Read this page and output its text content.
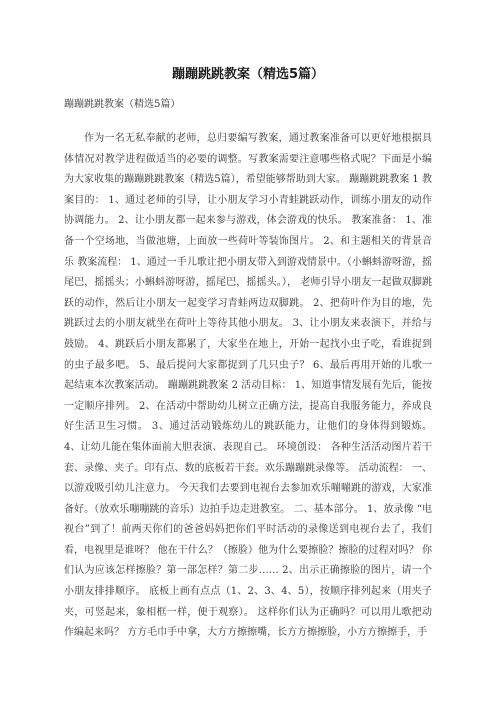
蹦蹦跳跳教案（精选5篇）

蹦蹦跳跳教案（精选5篇）

作为一名无私奉献的老师，总归要编写教案，通过教案准备可以更好地根据具体情况对教学进程做适当的必要的调整。写教案需要注意哪些格式呢？下面是小编为大家收集的蹦蹦跳跳教案（精选5篇），希望能够帮助到大家。 蹦蹦跳跳教案 1 教案目的： 1、通过老师的引导，让小朋友学习小青蛙跳跃动作，训练小朋友的动作协调能力。 2、让小朋友都一起来参与游戏，体会游戏的快乐。 教案准备： 1、准备一个空场地，当做池塘，上面放一些荷叶等装饰图片。 2、和主题相关的背景音乐 教案流程： 1、通过一手儿歌让把小朋友带入到游戏情景中。（小蝌蚪游呀游，摇尾巴，摇摇头；小蝌蚪游呀游，摇尾巴，摇摇头。）， 老师引导小朋友一起做双脚跳跃的动作，然后让小朋友一起变学习青蛙两边双脚跳。 2、把荷叶作为目的地，先跳跃过去的小朋友就坐在荷叶上等待其他小朋友。 3、让小朋友来表演下，并给与鼓励。 4、跳跃后小朋友都累了，大家坐在地上，开始一起找小虫子吃，看谁捉到的虫子最多吧。 5、最后提问大家都捉到了几只虫子？ 6、最后再用开始的儿歌一起结束本次教案活动。 蹦蹦跳跳教案 2 活动目标： 1、知道事情发展有先后，能按一定顺序排列。 2、在活动中帮助幼儿树立正确方法，提高自我服务能力，养成良好生活卫生习惯。 3、通过活动锻炼幼儿的跳跃能力，让他们的身体得到锻炼。 4、让幼儿能在集体面前大胆表演、表现自己。 环境创设： 各种生活活动图片若干套、录像、夹子。印有点、数的底板若干套。欢乐蹦蹦跳录像等。 活动流程： 一、以游戏吸引幼儿注意力。 今天我们去要到电视台去参加欢乐嘣嘣跳的游戏，大家准备好。（放欢乐嘣嘣跳的音乐）边拍手边走进教室。 二、基本部分。 1、放录像 “电视台”到了！前两天你们的爸爸妈妈把你们平时活动的录像送到电视台去了，我们看，电视里是谁呀？ 他在干什么？（擦脸）他为什么要擦脸？擦脸的过程对吗？ 你们认为应该怎样擦脸？第一部怎样？第二步…… 2、出示正确擦脸的图片，请一个小朋友排排顺序。 底板上画有点点（1、2、3、4、5），按顺序排列起来（用夹子夹，可竖起来，象相框一样，便于观察）。 这样你们认为正确吗？可以用儿歌把动作编起来吗？ 方方毛巾手中拿，大方方擦擦嘴，长方方擦擦脸，小方方擦擦手，手
